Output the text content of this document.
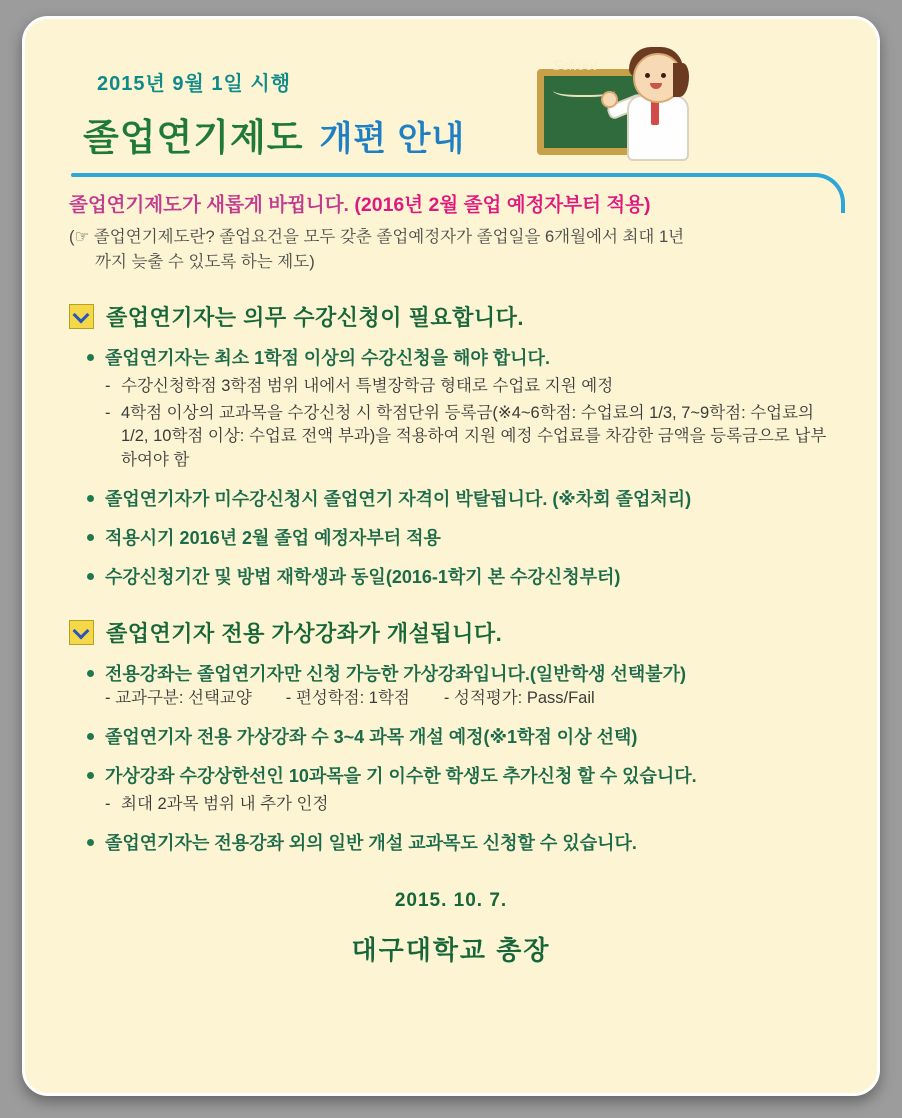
2015년 9월 1일 시행
졸업연기제도 개편 안내
School
졸업연기제도가 새롭게 바뀝니다. (2016년 2월 졸업 예정자부터 적용)
(☞ 졸업연기제도란? 졸업요건을 모두 갖춘 졸업예정자가 졸업일을 6개월에서 최대 1년
까지 늦출 수 있도록 하는 제도)
졸업연기자는 의무 수강신청이 필요합니다.
졸업연기자는 최소 1학점 이상의 수강신청을 해야 합니다.
- 수강신청학점 3학점 범위 내에서 특별장학금 형태로 수업료 지원 예정
- 4학점 이상의 교과목을 수강신청 시 학점단위 등록금(※4~6학점: 수업료의 1/3, 7~9학점: 수업료의 1/2, 10학점 이상: 수업료 전액 부과)을 적용하여 지원 예정 수업료를 차감한 금액을 등록금으로 납부하여야 함
졸업연기자가 미수강신청시 졸업연기 자격이 박탈됩니다. (※차회 졸업처리)
적용시기 2016년 2월 졸업 예정자부터 적용
수강신청기간 및 방법 재학생과 동일(2016-1학기 본 수강신청부터)
졸업연기자 전용 가상강좌가 개설됩니다.
전용강좌는 졸업연기자만 신청 가능한 가상강좌입니다.(일반학생 선택불가)
- 교과구분: 선택교양 - 편성학점: 1학점 - 성적평가: Pass/Fail
졸업연기자 전용 가상강좌 수 3~4 과목 개설 예정(※1학점 이상 선택)
가상강좌 수강상한선인 10과목을 기 이수한 학생도 추가신청 할 수 있습니다.
- 최대 2과목 범위 내 추가 인정
졸업연기자는 전용강좌 외의 일반 개설 교과목도 신청할 수 있습니다.
2015. 10. 7.
대구대학교 총장
